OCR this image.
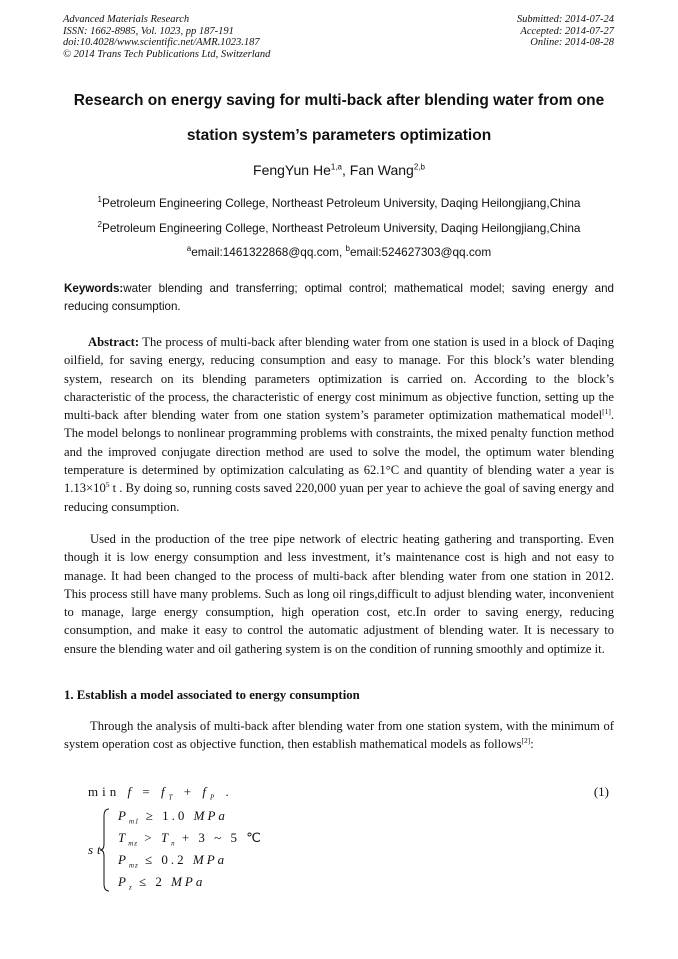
Advanced Materials Research
ISSN: 1662-8985, Vol. 1023, pp 187-191
doi:10.4028/www.scientific.net/AMR.1023.187
© 2014 Trans Tech Publications Ltd, Switzerland
Submitted: 2014-07-24
Accepted: 2014-07-27
Online: 2014-08-28
Research on energy saving for multi-back after blending water from one
station system’s parameters optimization
FengYun He$^{1,a}$, Fan Wang$^{2,b}$
$^1$Petroleum Engineering College, Northeast Petroleum University, Daqing Heilongjiang,China
$^2$Petroleum Engineering College, Northeast Petroleum University, Daqing Heilongjiang,China
$^a$email:1461322868@qq.com, $^b$email:524627303@qq.com
Keywords:water blending and transferring; optimal control; mathematical model; saving energy and reducing consumption.
Abstract: The process of multi-back after blending water from one station is used in a block of Daqing oilfield, for saving energy, reducing consumption and easy to manage. For this block’s water blending system, research on its blending parameters optimization is carried on. According to the block’s characteristic of the process, the characteristic of energy cost minimum as objective function, setting up the multi-back after blending water from one station system’s parameter optimization mathematical model[1]. The model belongs to nonlinear programming problems with constraints, the mixed penalty function method and the improved conjugate direction method are used to solve the model, the optimum water blending temperature is determined by optimization calculating as 62.1°C and quantity of blending water a year is $1.13\times 10^5$ t . By doing so, running costs saved 220,000 yuan per year to achieve the goal of saving energy and reducing consumption.
Used in the production of the tree pipe network of electric heating gathering and transporting. Even though it is low energy consumption and less investment, it’s maintenance cost is high and not easy to manage. It had been changed to the process of multi-back after blending water from one station in 2012. This process still have many problems. Such as long oil rings,difficult to adjust blending water, inconvenient to manage, large energy consumption, high operation cost, etc.In order to saving energy, reducing consumption, and make it easy to control the automatic adjustment of blending water. It is necessary to ensure the blending water and oil gathering system is on the condition of running smoothly and optimize it.
1. Establish a model associated to energy consumption
Through the analysis of multi-back after blending water from one station system, with the minimum of system operation cost as objective function, then establish mathematical models as follows[2]:
$\min f = f_T + f_P$ .	(1)
st
$P_{m1} \ge 1.0$ MPa
$T_{mz} > T_n + 3$ ~ 5 ℃
$P_{mz} \le 0.2$ MPa
$P_z \le 2$ MPa
